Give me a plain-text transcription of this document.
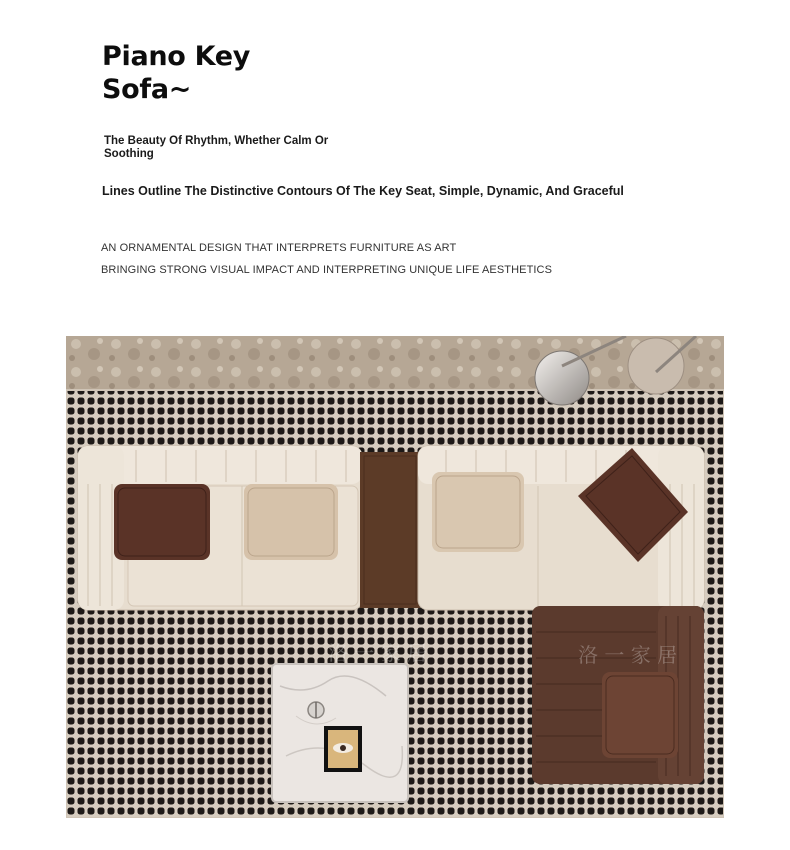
Piano Key
Sofa~

The Beauty Of Rhythm, Whether Calm Or Soothing

Lines Outline The Distinctive Contours Of The Key Seat, Simple, Dynamic, And Graceful

AN ORNAMENTAL DESIGN THAT INTERPRETS FURNITURE AS ART

BRINGING STRONG VISUAL IMPACT AND INTERPRETING UNIQUE LIFE AESTHETICS

洛 一 家 居	洛 一 家 居
